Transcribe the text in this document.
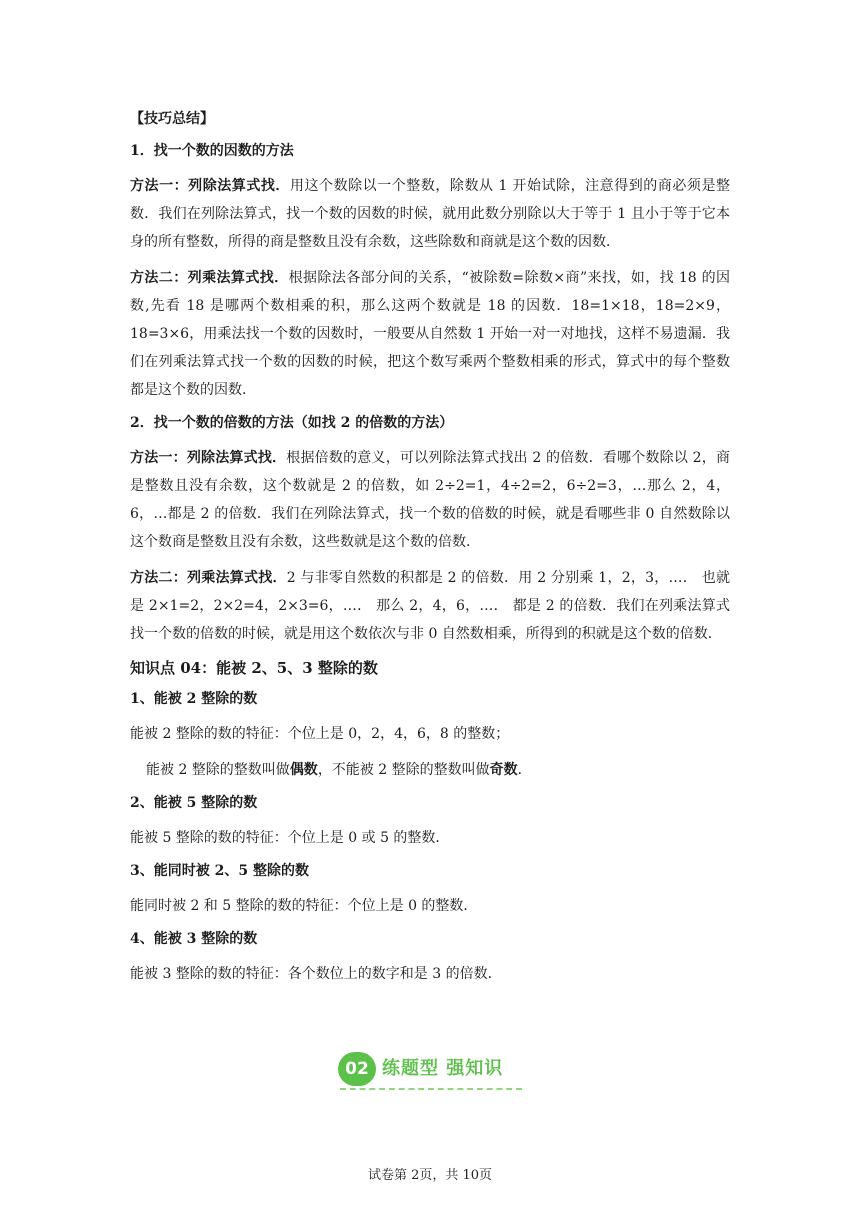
【技巧总结】

1．找一个数的因数的方法

方法一：列除法算式找．用这个数除以一个整数，除数从 1 开始试除，注意得到的商必须是整数．我们在列除法算式，找一个数的因数的时候，就用此数分别除以大于等于 1 且小于等于它本身的所有整数，所得的商是整数且没有余数，这些除数和商就是这个数的因数．

方法二：列乘法算式找．根据除法各部分间的关系，“被除数=除数×商”来找，如，找 18 的因数,先看 18 是哪两个数相乘的积，那么这两个数就是 18 的因数．18=1×18，18=2×9，18=3×6，用乘法找一个数的因数时，一般要从自然数 1 开始一对一对地找，这样不易遗漏．我们在列乘法算式找一个数的因数的时候，把这个数写乘两个整数相乘的形式，算式中的每个整数都是这个数的因数．

2．找一个数的倍数的方法（如找 2 的倍数的方法）

方法一：列除法算式找．根据倍数的意义，可以列除法算式找出 2 的倍数．看哪个数除以 2，商是整数且没有余数，这个数就是 2 的倍数，如 2÷2=1，4÷2=2，6÷2=3，…那么 2，4，6，…都是 2 的倍数．我们在列除法算式，找一个数的倍数的时候，就是看哪些非 0 自然数除以这个数商是整数且没有余数，这些数就是这个数的倍数．

方法二：列乘法算式找．2 与非零自然数的积都是 2 的倍数．用 2 分别乘 1，2，3，…． 也就是 2×1=2，2×2=4，2×3=6，…． 那么 2，4，6，…． 都是 2 的倍数．我们在列乘法算式找一个数的倍数的时候，就是用这个数依次与非 0 自然数相乘，所得到的积就是这个数的倍数．

知识点 04：能被 2、5、3 整除的数

1、能被 2 整除的数

能被 2 整除的数的特征：个位上是 0，2，4，6，8 的整数；

能被 2 整除的整数叫做偶数，不能被 2 整除的整数叫做奇数．

2、能被 5 整除的数

能被 5 整除的数的特征：个位上是 0 或 5 的整数．

3、能同时被 2、5 整除的数

能同时被 2 和 5 整除的数的特征：个位上是 0 的整数．

4、能被 3 整除的数

能被 3 整除的数的特征：各个数位上的数字和是 3 的倍数．

02 练题型 强知识
试卷第 2页，共 10页
